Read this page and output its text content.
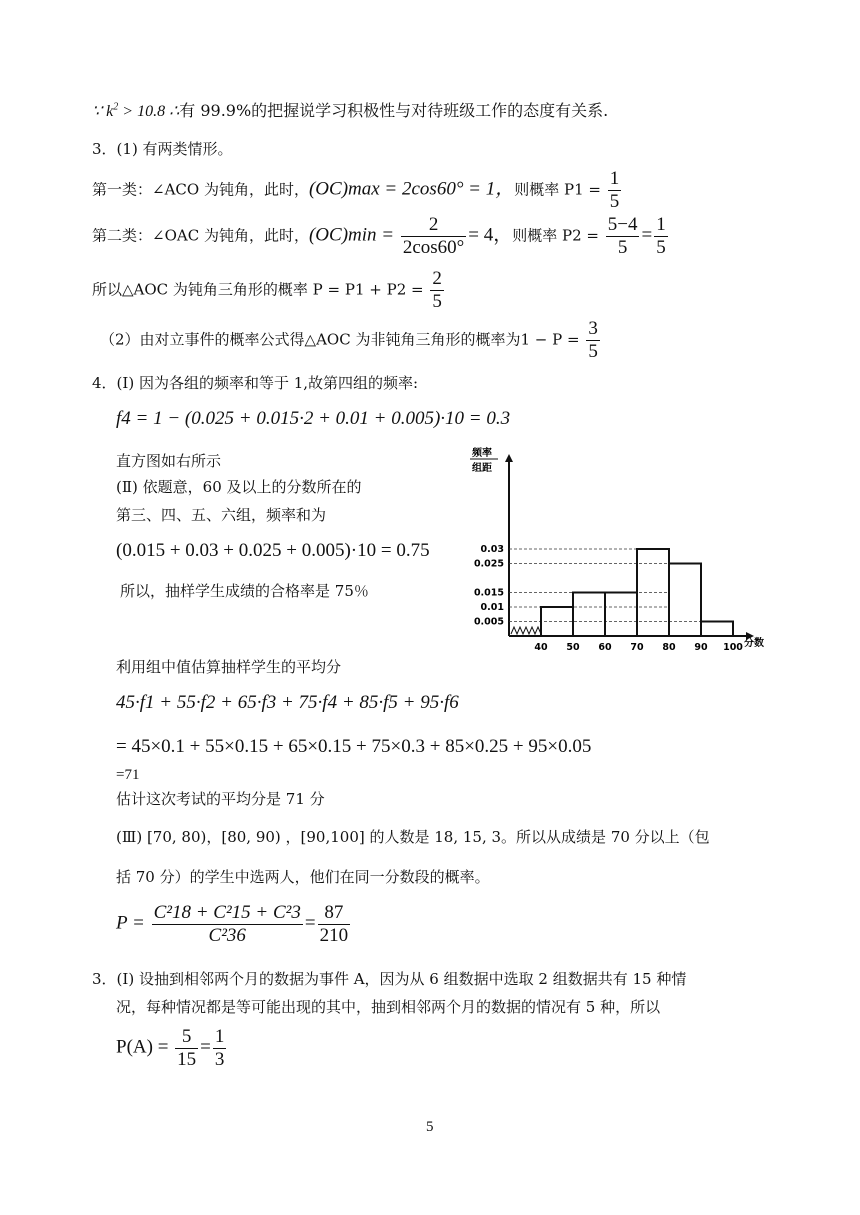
∵ $k^2 > 10.8$ ∴有 99.9%的把握说学习积极性与对待班级工作的态度有关系.
3．(1) 有两类情形。
第一类：∠ACO 为钝角，此时，(OC)max = 2cos60° = 1，则概率 $P1 = \frac{1}{5}$
第二类：∠OAC 为钝角，此时，$(OC)\min = \frac{2}{2\cos 60^\circ} = 4$，则概率 $P2 = \frac{5-4}{5} = \frac{1}{5}$
所以△AOC 为钝角三角形的概率 $P = P1 + P2 = \frac{2}{5}$
（2）由对立事件的概率公式得△AOC 为非钝角三角形的概率为$1 - P = \frac{3}{5}$
4．(Ⅰ) 因为各组的频率和等于 1,故第四组的频率:
f4 = 1 − (0.025 + 0.015·2 + 0.01 + 0.005)·10 = 0.3
直方图如右所示
(Ⅱ) 依题意，60 及以上的分数所在的
第三、四、五、六组，频率和为
(0.015 + 0.03 + 0.025 + 0.005)·10 = 0.75
所以，抽样学生成绩的合格率是 75％
频率
组距
分数
0.005
0.01
0.015
0.025
0.03
40 50 60 70 80 90 100
利用组中值估算抽样学生的平均分
45·f1 + 55·f2 + 65·f3 + 75·f4 + 85·f5 + 95·f6
= 45×0.1 + 55×0.15 + 65×0.15 + 75×0.3 + 85×0.25 + 95×0.05
=71
估计这次考试的平均分是 71 分
(Ⅲ) [70, 80)，[80, 90) ，[90,100] 的人数是 18, 15, 3。所以从成绩是 70 分以上（包
括 70 分）的学生中选两人，他们在同一分数段的概率。
$P = \frac{\text{C²18 + C²15 + C²3}}{\text{C²36}} = \frac{87}{210}$
3．(Ⅰ) 设抽到相邻两个月的数据为事件 A，因为从 6 组数据中选取 2 组数据共有 15 种情
况，每种情况都是等可能出现的其中，抽到相邻两个月的数据的情况有 5 种，所以
$P(A) = \frac{5}{15} = \frac{1}{3}$
5
